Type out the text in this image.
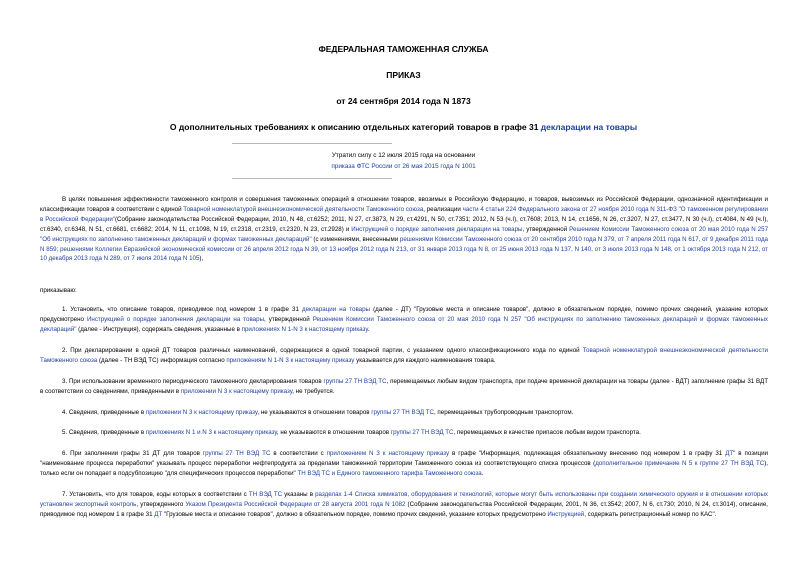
ФЕДЕРАЛЬНАЯ ТАМОЖЕННАЯ СЛУЖБА
ПРИКАЗ
от 24 сентября 2014 года N 1873
О дополнительных требованиях к описанию отдельных категорий товаров в графе 31 декларации на товары
Утратил силу с 12 июля 2015 года на основании
приказа ФТС России от 26 мая 2015 года N 1001
В целях повышения эффективности таможенного контроля и совершения таможенных операций в отношении товаров, ввозимых в Российскую Федерацию, и товаров, вывозимых из Российской Федерации, однозначной идентификации и классификации товаров в соответствии с единой Товарной номенклатурой внешнеэкономической деятельности Таможенного союза, реализации части 4 статьи 224 Федерального закона от 27 ноября 2010 года N 311-ФЗ "О таможенном регулировании в Российской Федерации"(Собрание законодательства Российской Федерации, 2010, N 48, ст.6252; 2011, N 27, ст.3873, N 29, ст.4291, N 50, ст.7351; 2012, N 53 (ч.I), ст.7608; 2013, N 14, ст.1656, N 26, ст.3207, N 27, ст.3477, N 30 (ч.I), ст.4084, N 49 (ч.I), ст.6340, ст.6348, N 51, ст.6681, ст.6682; 2014, N 11, ст.1098, N 19, ст.2318, ст.2319, ст.2320, N 23, ст.2928) и Инструкцией о порядке заполнения декларации на товары, утвержденной Решением Комиссии Таможенного союза от 20 мая 2010 года N 257 "Об инструкциях по заполнению таможенных деклараций и формах таможенных деклараций" (с изменениями, внесенными решениями Комиссии Таможенного союза от 20 сентября 2010 года N 379, от 7 апреля 2011 года N 617, от 9 декабря 2011 года N 859; решениями Коллегии Евразийской экономической комиссии от 26 апреля 2012 года N 39, от 13 ноября 2012 года N 213, от 31 января 2013 года N 8, от 25 июня 2013 года N 137, N 140, от 3 июля 2013 года N 148, от 1 октября 2013 года N 212, от 10 декабря 2013 года N 289, от 7 июля 2014 года N 105),
приказываю:
1. Установить, что описание товаров, приводимое под номером 1 в графе 31 декларации на товары (далее - ДТ) "Грузовые места и описание товаров", должно в обязательном порядке, помимо прочих сведений, указание которых предусмотрено Инструкцией о порядке заполнения декларации на товары, утвержденной Решением Комиссии Таможенного союза от 20 мая 2010 года N 257 "Об инструкциях по заполнению таможенных деклараций и формах таможенных деклараций" (далее - Инструкция), содержать сведения, указанные в приложениях N 1-N 3 к настоящему приказу.
2. При декларировании в одной ДТ товаров различных наименований, содержащихся в одной товарной партии, с указанием одного классификационного кода по единой Товарной номенклатурой внешнеэкономической деятельности Таможенного союза (далее - ТН ВЭД ТС) информация согласно приложениям N 1-N 3 к настоящему приказу указывается для каждого наименования товара.
3. При использовании временного периодического таможенного декларирования товаров группы 27 ТН ВЭД ТС, перемещаемых любым видом транспорта, при подаче временной декларации на товары (далее - ВДТ) заполнение графы 31 ВДТ в соответствии со сведениями, приведенными в приложении N 3 к настоящему приказу, не требуется.
4. Сведения, приведенные в приложении N 3 к настоящему приказу, не указываются в отношении товаров группы 27 ТН ВЭД ТС, перемещаемых трубопроводным транспортом.
5. Сведения, приведенные в приложениях N 1 и N 3 к настоящему приказу, не указываются в отношении товаров группы 27 ТН ВЭД ТС, перемещаемых в качестве припасов любым видом транспорта.
6. При заполнении графы 31 ДТ для товаров группы 27 ТН ВЭД ТС в соответствии с приложением N 3 к настоящему приказу в графе "Информация, подлежащая обязательному внесению под номером 1 в графу 31 ДТ" в позиции "наименование процесса переработки" указывать процесс переработки нефтепродукта за пределами таможенной территории Таможенного союза из соответствующего списка процессов (дополнительное примечание N 5 к группе 27 ТН ВЭД ТС), только если он попадает в подсубпозицию "для специфических процессов переработки" ТН ВЭД ТС и Единого таможенного тарифа Таможенного союза.
7. Установить, что для товаров, коды которых в соответствии с ТН ВЭД ТС указаны в разделах 1-4 Списка химикатов, оборудования и технологий, которые могут быть использованы при создании химического оружия и в отношении которых установлен экспортный контроль, утвержденного Указом Президента Российской Федерации от 28 августа 2001 года N 1082 (Собрание законодательства Российской Федерации, 2001, N 36, ст.3542; 2007, N 6, ст.730; 2010, N 24, ст.3014), описание, приводимое под номером 1 в графе 31 ДТ "Грузовые места и описание товаров", должно в обязательном порядке, помимо прочих сведений, указание которых предусмотрено Инструкцией, содержать регистрационный номер по КАС".
